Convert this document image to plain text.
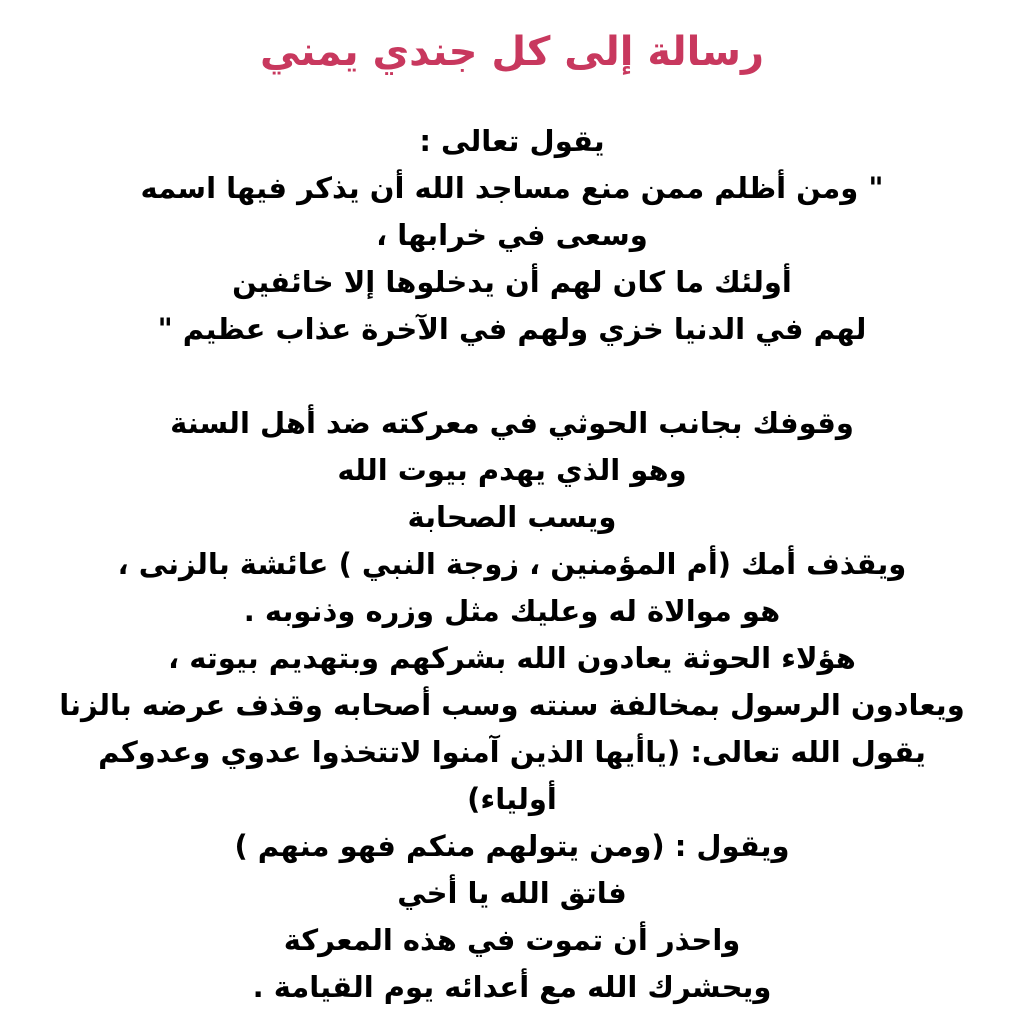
رسالة إلى كل جندي يمني
يقول تعالى :
" ومن أظلم ممن منع مساجد الله أن يذكر فيها اسمه
وسعى في خرابها ،
أولئك ما كان لهم أن يدخلوها إلا خائفين
لهم في الدنيا خزي ولهم في الآخرة عذاب عظيم "
وقوفك بجانب الحوثي في معركته ضد أهل السنة
وهو الذي يهدم بيوت الله
ويسب الصحابة
ويقذف أمك (أم المؤمنين ، زوجة النبي ) عائشة بالزنى ،
هو موالاة له وعليك مثل وزره وذنوبه .
هؤلاء الحوثة يعادون الله بشركهم وبتهديم بيوته ،
ويعادون الرسول بمخالفة سنته وسب أصحابه وقذف عرضه بالزنا
يقول الله تعالى: (ياأيها الذين آمنوا لاتتخذوا عدوي وعدوكم
أولياء)
ويقول : (ومن يتولهم منكم فهو منهم )
فاتق الله يا أخي
واحذر أن تموت في هذه المعركة
ويحشرك الله مع أعدائه يوم القيامة .
